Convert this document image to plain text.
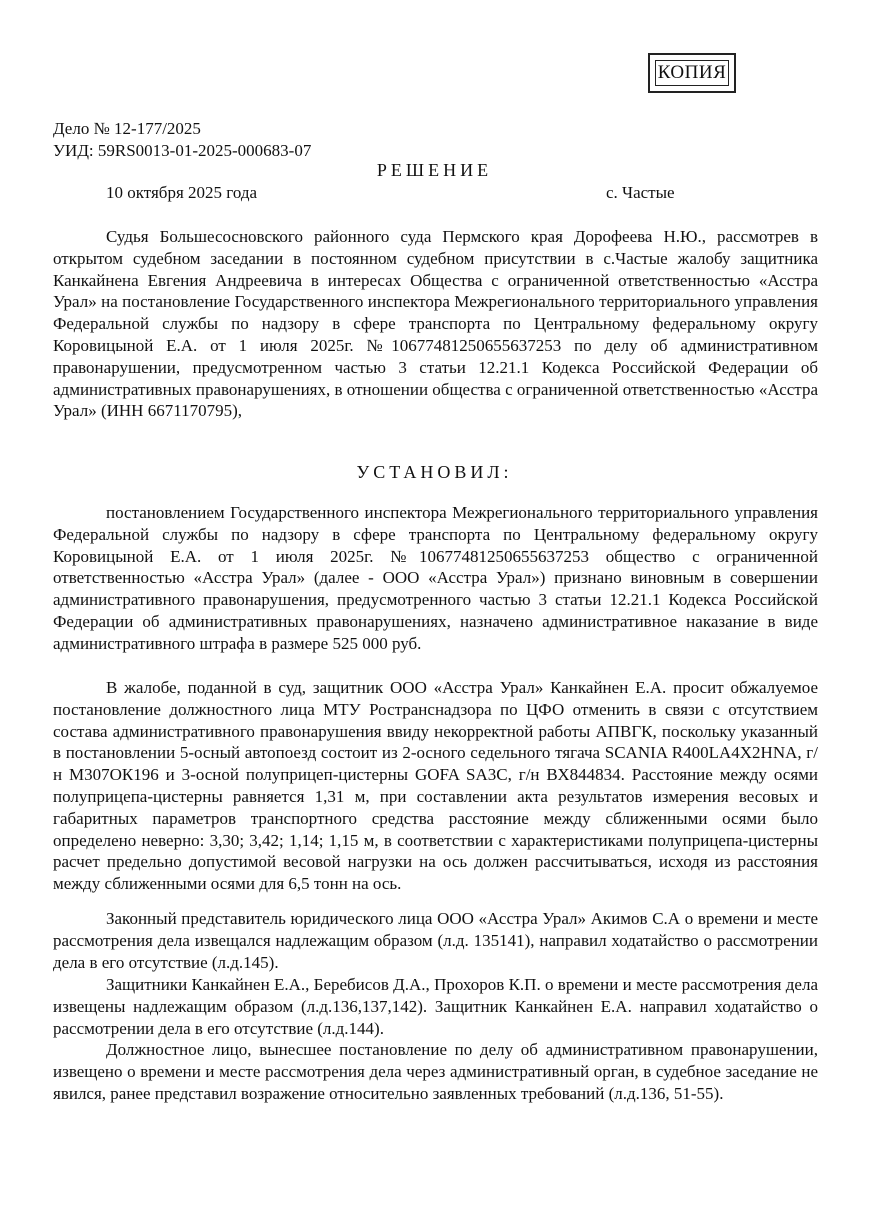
КОПИЯ
Дело № 12-177/2025
УИД: 59RS0013-01-2025-000683-07
РЕШЕНИЕ
10 октября 2025 года	с. Частые

Судья Большесосновского районного суда Пермского края Дорофеева Н.Ю., рассмотрев в открытом судебном заседании в постоянном судебном присутствии в с.Частые жалобу защитника Канкайнена Евгения Андреевича в интересах Общества с ограниченной ответственностью «Асстра Урал» на постановление Государственного инспектора Межрегионального территориального управления Федеральной службы по надзору в сфере транспорта по Центральному федеральному округу Коровицыной Е.А. от 1 июля 2025г. №10677481250655637253 по делу об административном правонарушении, предусмотренном частью 3 статьи 12.21.1 Кодекса Российской Федерации об административных правонарушениях, в отношении общества с ограниченной ответственностью «Асстра Урал» (ИНН 6671170795),

УСТАНОВИЛ:

постановлением Государственного инспектора Межрегионального территориального управления Федеральной службы по надзору в сфере транспорта по Центральному федеральному округу Коровицыной Е.А. от 1 июля 2025г. №10677481250655637253 общество с ограниченной ответственностью «Асстра Урал» (далее - ООО «Асстра Урал») признано виновным в совершении административного правонарушения, предусмотренного частью 3 статьи 12.21.1 Кодекса Российской Федерации об административных правонарушениях, назначено административное наказание в виде административного штрафа в размере 525 000 руб.

В жалобе, поданной в суд, защитник ООО «Асстра Урал» Канкайнен Е.А. просит обжалуемое постановление должностного лица МТУ Ространснадзора по ЦФО отменить в связи с отсутствием состава административного правонарушения ввиду некорректной работы АПВГК, поскольку указанный в постановлении 5-осный автопоезд состоит из 2-осного седельного тягача SCANIA R400LA4X2HNA, г/н М307ОК196 и 3-осной полуприцеп-цистерны GOFA SA3C, г/н ВХ844834. Расстояние между осями полуприцепа-цистерны равняется 1,31 м, при составлении акта результатов измерения весовых и габаритных параметров транспортного средства расстояние между сближенными осями было определено неверно: 3,30; 3,42; 1,14; 1,15 м, в соответствии с характеристиками полуприцепа-цистерны расчет предельно допустимой весовой нагрузки на ось должен рассчитываться, исходя из расстояния между сближенными осями для 6,5 тонн на ось.

Законный представитель юридического лица ООО «Асстра Урал» Акимов С.А о времени и месте рассмотрения дела извещался надлежащим образом (л.д. 135141), направил ходатайство о рассмотрении дела в его отсутствие (л.д.145).

Защитники Канкайнен Е.А., Беребисов Д.А., Прохоров К.П. о времени и месте рассмотрения дела извещены надлежащим образом (л.д.136,137,142). Защитник Канкайнен Е.А. направил ходатайство о рассмотрении дела в его отсутствие (л.д.144).

Должностное лицо, вынесшее постановление по делу об административном правонарушении, извещено о времени и месте рассмотрения дела через административный орган, в судебное заседание не явился, ранее представил возражение относительно заявленных требований (л.д.136, 51-55).
